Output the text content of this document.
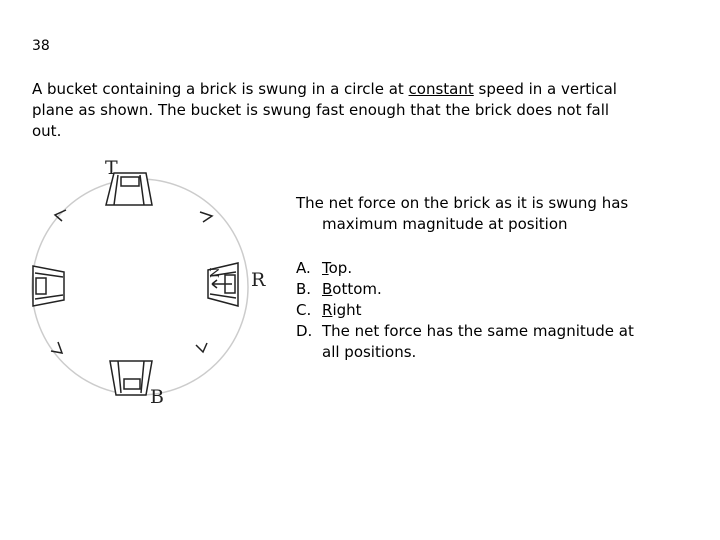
38
A bucket containing a brick is swung in a circle at constant speed in a vertical plane as shown. The bucket is swung fast enough that the brick does not fall out.
T
B
R
N
The net force on the brick as it is swung has
maximum magnitude at position
A. Top.
B. Bottom.
C. Right
D. The net force has the same magnitude at all positions.
